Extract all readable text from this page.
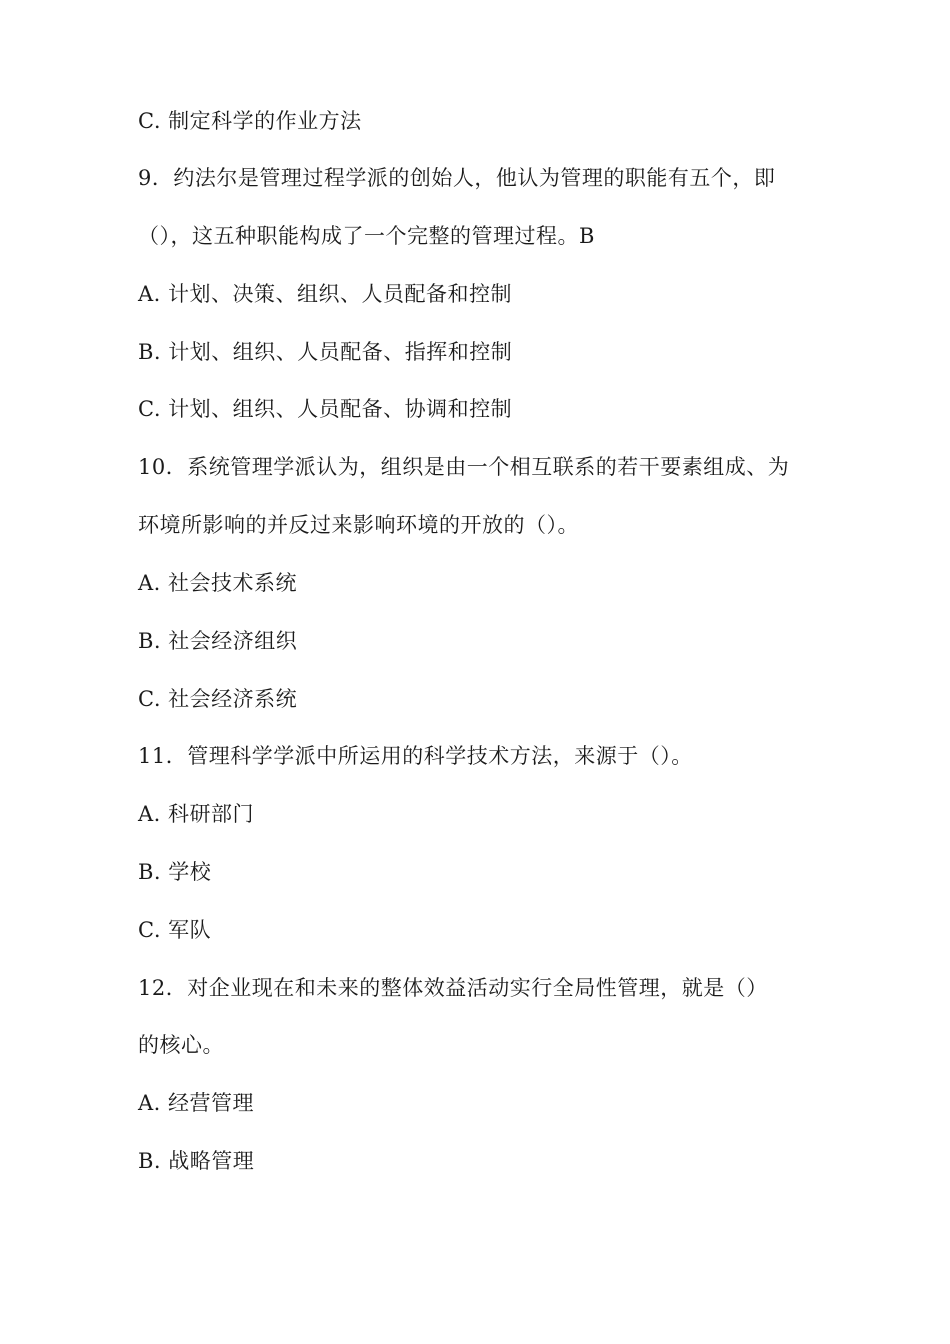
C. 制定科学的作业方法
9．约法尔是管理过程学派的创始人，他认为管理的职能有五个，即
（），这五种职能构成了一个完整的管理过程。B
A. 计划、决策、组织、人员配备和控制
B. 计划、组织、人员配备、指挥和控制
C. 计划、组织、人员配备、协调和控制
10．系统管理学派认为，组织是由一个相互联系的若干要素组成、为
环境所影响的并反过来影响环境的开放的（）。
A. 社会技术系统
B. 社会经济组织
C. 社会经济系统
11．管理科学学派中所运用的科学技术方法，来源于（）。
A. 科研部门
B. 学校
C. 军队
12．对企业现在和未来的整体效益活动实行全局性管理，就是（）
的核心。
A. 经营管理
B. 战略管理
